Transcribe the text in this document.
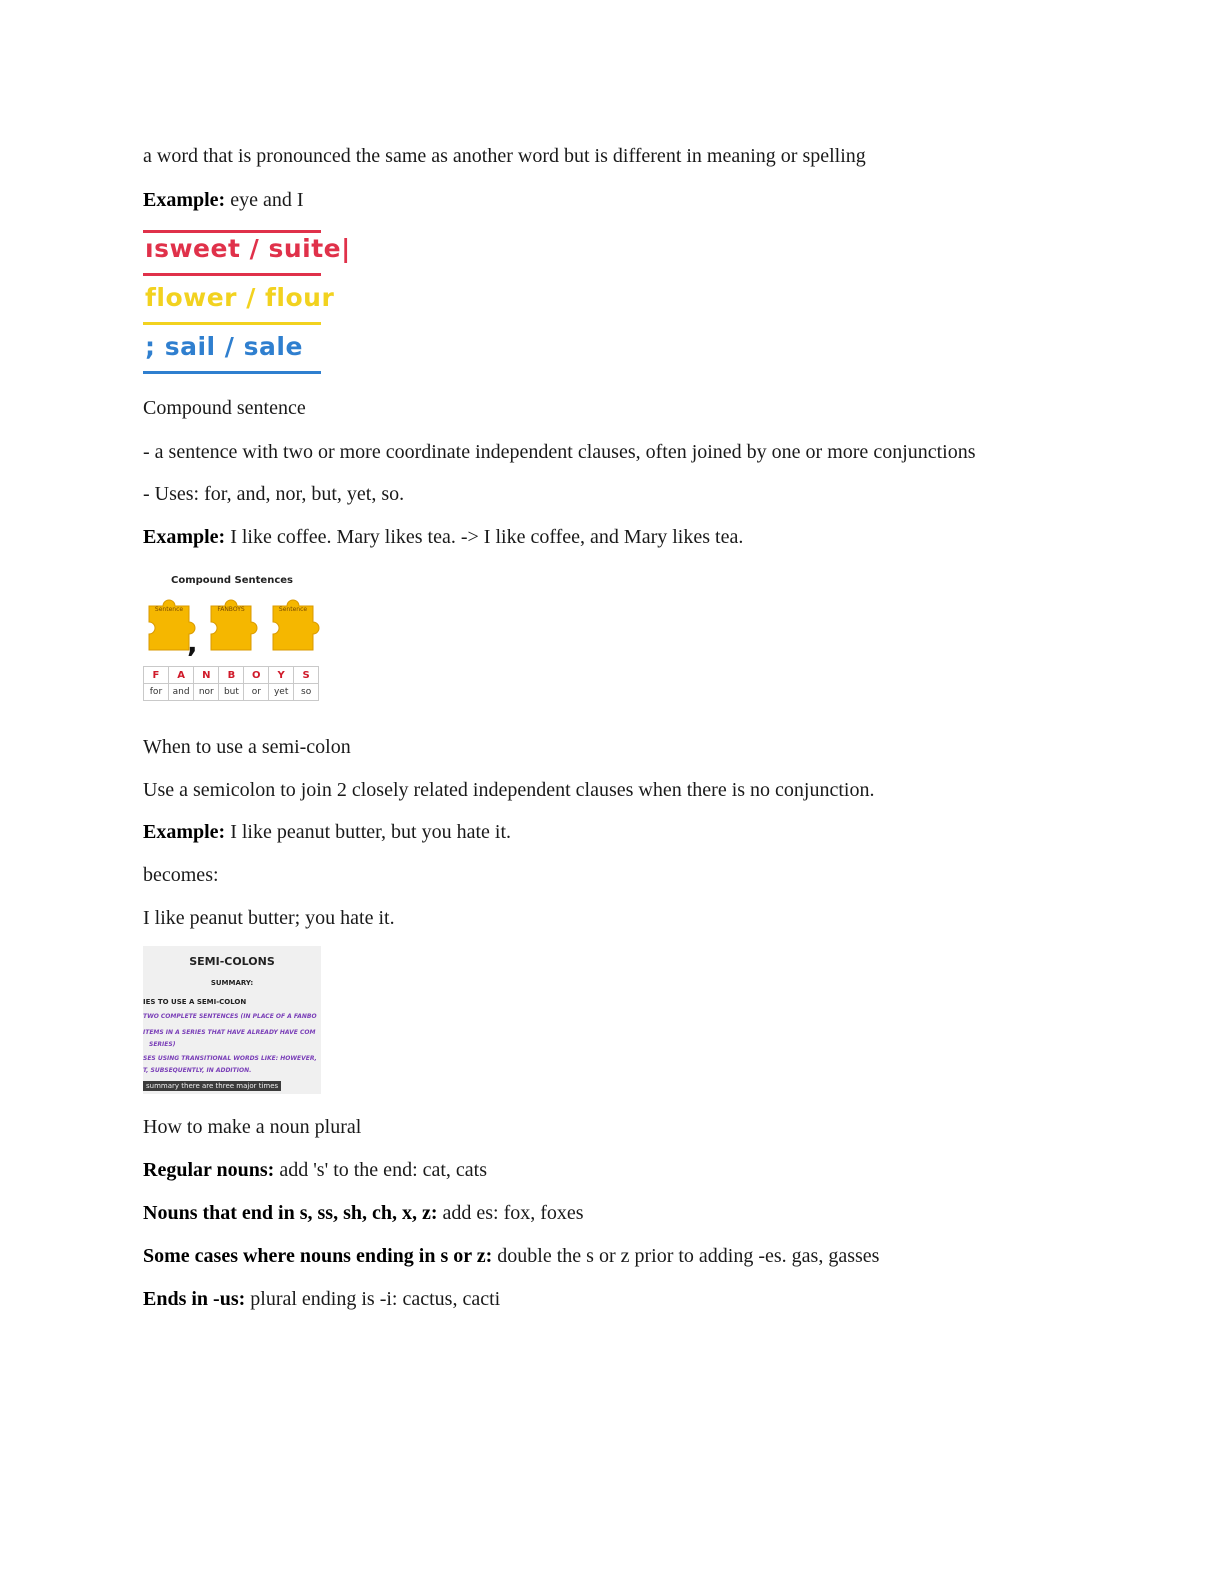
a word that is pronounced the same as another word but is different in meaning or spelling
Example: eye and I
ısweet / suite|
flower / flour
; sail / sale
Compound sentence
- a sentence with two or more coordinate independent clauses, often joined by one or more conjunctions
- Uses: for, and, nor, but, yet, so.
Example: I like coffee. Mary likes tea. -> I like coffee, and Mary likes tea.
Compound Sentences
Sentence
,
FANBOYS	Sentence
F	A	N	B	O	Y	S
for	and	nor	but	or	yet	so
When to use a semi-colon
Use a semicolon to join 2 closely related independent clauses when there is no conjunction.
Example: I like peanut butter, but you hate it.
becomes:
I like peanut butter; you hate it.
SEMI-COLONS
SUMMARY:
IES TO USE A SEMI-COLON
TWO COMPLETE SENTENCES (IN PLACE OF A FANBO
ITEMS IN A SERIES THAT HAVE ALREADY HAVE COM
SERIES)
SES USING TRANSITIONAL WORDS LIKE: HOWEVER,
T, SUBSEQUENTLY, IN ADDITION.
summary there are three major times
How to make a noun plural
Regular nouns: add 's' to the end: cat, cats
Nouns that end in s, ss, sh, ch, x, z: add es: fox, foxes
Some cases where nouns ending in s or z: double the s or z prior to adding -es. gas, gasses
Ends in -us: plural ending is -i: cactus, cacti
